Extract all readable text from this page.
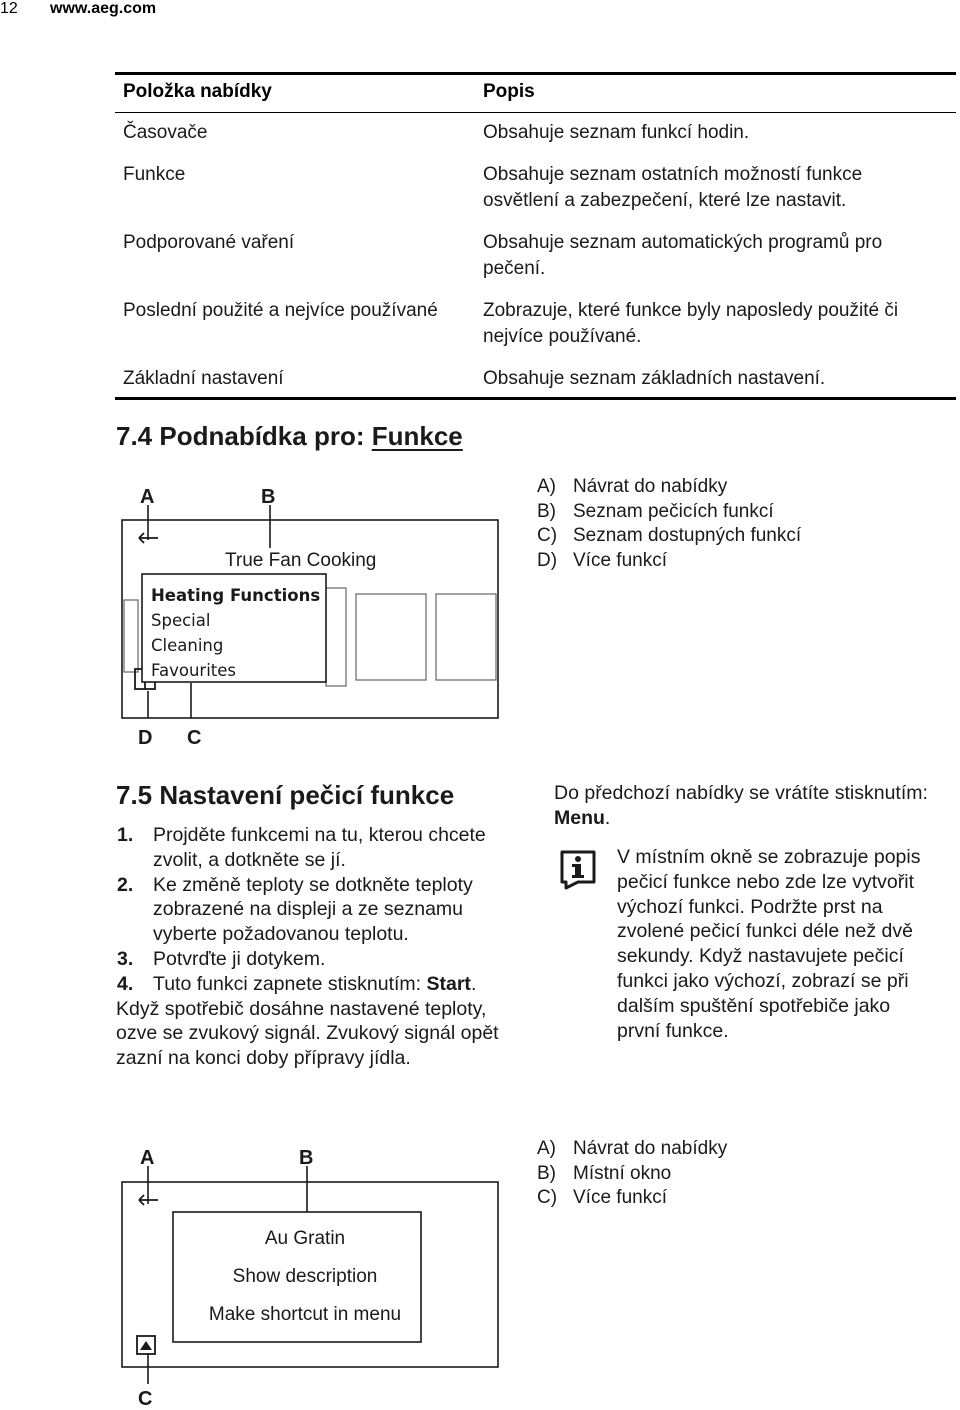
12 www.aeg.com
Položka nabídky	Popis
Časovače	Obsahuje seznam funkcí hodin.
Funkce	Obsahuje seznam ostatních možností funkce osvětlení a zabezpečení, které lze nastavit.
Podporované vaření	Obsahuje seznam automatických programů pro pečení.
Poslední použité a nejvíce používané	Zobrazuje, které funkce byly naposledy použité či nejvíce používané.
Základní nastavení	Obsahuje seznam základních nastavení.
7.4 Podnabídka pro: Funkce
Heating Functions
Special
Cleaning
Favourites
True Fan Cooking
A	B
D C
A) Návrat do nabídky
B) Seznam pečicích funkcí
C) Seznam dostupných funkcí
D) Více funkcí
7.5 Nastavení pečicí funkce
1. Projděte funkcemi na tu, kterou chcete zvolit, a dotkněte se jí.
2. Ke změně teploty se dotkněte teploty zobrazené na displeji a ze seznamu vyberte požadovanou teplotu.
3. Potvrďte ji dotykem.
4. Tuto funkci zapnete stisknutím: Start.
Když spotřebič dosáhne nastavené teploty, ozve se zvukový signál. Zvukový signál opět zazní na konci doby přípravy jídla.
Do předchozí nabídky se vrátíte stisknutím: Menu.
V místním okně se zobrazuje popis pečicí funkce nebo zde lze vytvořit výchozí funkci. Podržte prst na zvolené pečicí funkci déle než dvě sekundy. Když nastavujete pečicí funkci jako výchozí, zobrazí se při dalším spuštění spotřebiče jako první funkce.
Au Gratin
Show description
Make shortcut in menu
A	B
C
A) Návrat do nabídky
B) Místní okno
C) Více funkcí
